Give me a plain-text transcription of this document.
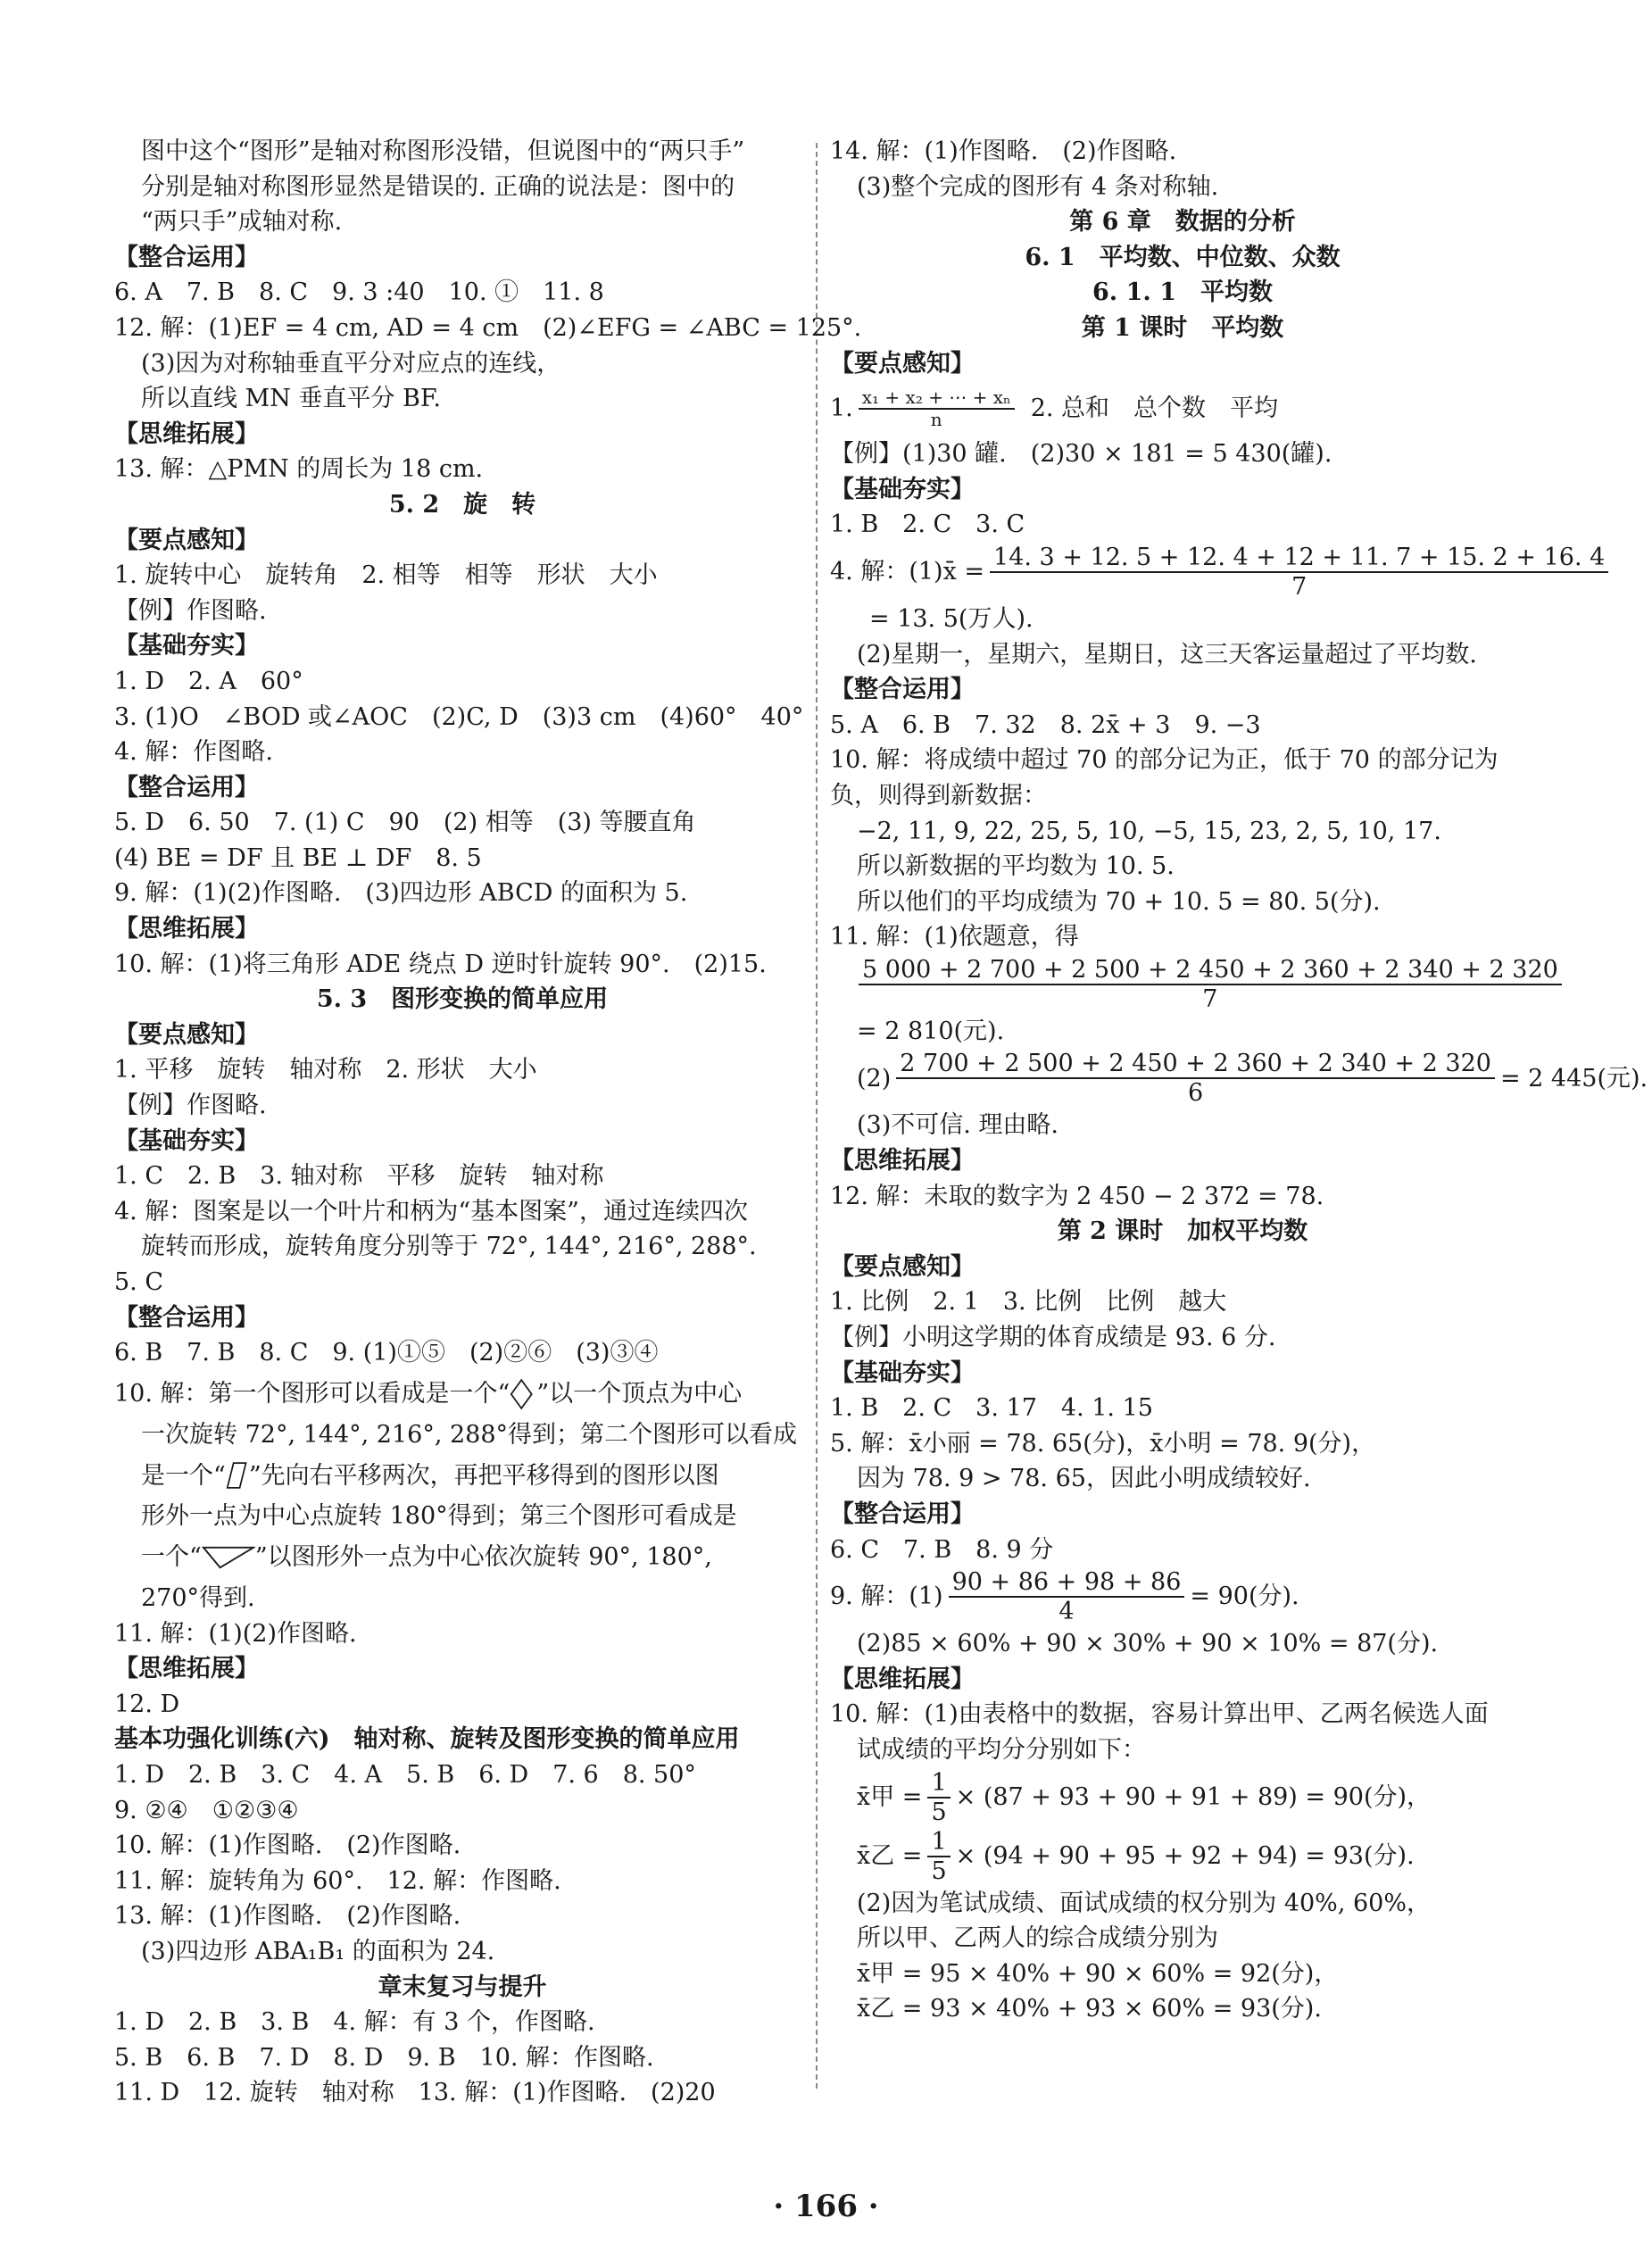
图中这个“图形”是轴对称图形没错，但说图中的“两只手”
分别是轴对称图形显然是错误的. 正确的说法是：图中的
“两只手”成轴对称.
【整合运用】
6. A　7. B　8. C　9. 3 :40　10. ①　11. 8
12. 解：(1)EF = 4 cm, AD = 4 cm　(2)∠EFG = ∠ABC = 125°.
(3)因为对称轴垂直平分对应点的连线，
所以直线 MN 垂直平分 BF.
【思维拓展】
13. 解：△PMN 的周长为 18 cm.
5. 2　旋　转
【要点感知】
1. 旋转中心　旋转角　2. 相等　相等　形状　大小
【例】作图略.
【基础夯实】
1. D　2. A　60°
3. (1)O　∠BOD 或∠AOC　(2)C, D　(3)3 cm　(4)60°　40°
4. 解：作图略.
【整合运用】
5. D　6. 50　7. (1) C　90　(2) 相等　(3) 等腰直角
(4) BE = DF 且 BE ⊥ DF　8. 5
9. 解：(1)(2)作图略.　(3)四边形 ABCD 的面积为 5.
【思维拓展】
10. 解：(1)将三角形 ADE 绕点 D 逆时针旋转 90°.　(2)15.
5. 3　图形变换的简单应用
【要点感知】
1. 平移　旋转　轴对称　2. 形状　大小
【例】作图略.
【基础夯实】
1. C　2. B　3. 轴对称　平移　旋转　轴对称
4. 解：图案是以一个叶片和柄为“基本图案”，通过连续四次
旋转而形成，旋转角度分别等于 72°, 144°, 216°, 288°.
5. C
【整合运用】
6. B　7. B　8. C　9. (1)①⑤　(2)②⑥　(3)③④
10. 解：第一个图形可以看成是一个“ ”以一个顶点为中心
一次旋转 72°, 144°, 216°, 288°得到；第二个图形可以看成
是一个“ ”先向右平移两次，再把平移得到的图形以图
形外一点为中心点旋转 180°得到；第三个图形可看成是
一个“ ”以图形外一点为中心依次旋转 90°, 180°,
270°得到.
11. 解：(1)(2)作图略.
【思维拓展】
12. D
基本功强化训练(六)　轴对称、旋转及图形变换的简单应用
1. D　2. B　3. C　4. A　5. B　6. D　7. 6　8. 50°
9. ②④　①②③④
10. 解：(1)作图略.　(2)作图略.
11. 解：旋转角为 60°.　12. 解：作图略.
13. 解：(1)作图略.　(2)作图略.
(3)四边形 ABA₁B₁ 的面积为 24.
章末复习与提升
1. D　2. B　3. B　4. 解：有 3 个，作图略.
5. B　6. B　7. D　8. D　9. B　10. 解：作图略.
11. D　12. 旋转　轴对称　13. 解：(1)作图略.　(2)20
14. 解：(1)作图略.　(2)作图略.
(3)整个完成的图形有 4 条对称轴.
第 6 章　数据的分析
6. 1　平均数、中位数、众数
6. 1. 1　平均数
第 1 课时　平均数
【要点感知】
1. $\frac{\text{x₁ + x₂ + ⋯ + xₙ}}{n} 2$. 总和　总个数　平均
【例】(1)30 罐.　(2)30 × 181 = 5 430(罐).
【基础夯实】
1. B　2. C　3. C
4. 解：(1)x̄ = $\frac{14. 3 + 12. 5 + 12. 4 + 12 + 11. 7 + 15. 2 + 16. 4}{7}$
= 13. 5(万人).
(2)星期一，星期六，星期日，这三天客运量超过了平均数.
【整合运用】
5. A　6. B　7. 32　8. 2x̄ + 3　9. −3
10. 解：将成绩中超过 70 的部分记为正，低于 70 的部分记为
负，则得到新数据：
−2, 11, 9, 22, 25, 5, 10, −5, 15, 23, 2, 5, 10, 17.
所以新数据的平均数为 10. 5.
所以他们的平均成绩为 70 + 10. 5 = 80. 5(分).
11. 解：(1)依题意，得
$\frac{5 000 + 2 700 + 2 500 + 2 450 + 2 360 + 2 340 + 2 320}{7}$
= 2 810(元).
$(2) \frac{2 700 + 2 500 + 2 450 + 2 360 + 2 340 + 2 320}{6} = 2$ 445(元).
(3)不可信. 理由略.
【思维拓展】
12. 解：未取的数字为 2 450 − 2 372 = 78.
第 2 课时　加权平均数
【要点感知】
1. 比例　2. 1　3. 比例　比例　越大
【例】小明这学期的体育成绩是 93. 6 分.
【基础夯实】
1. B　2. C　3. 17　4. 1. 15
5. 解：x̄小丽 = 78. 65(分)，x̄小明 = 78. 9(分)，
因为 78. 9 > 78. 65，因此小明成绩较好.
【整合运用】
6. C　7. B　8. 9 分
9. 解：$(1) \frac{90 + 86 + 98 + 86}{4} = 90$(分).
(2)85 × 60% + 90 × 30% + 90 × 10% = 87(分).
【思维拓展】
10. 解：(1)由表格中的数据，容易计算出甲、乙两名候选人面
试成绩的平均分分别如下：
x̄甲 = $\frac{1}{5} \times (87 + 93 + 90 + 91 + 89) = 90$(分)，
x̄乙 = $\frac{1}{5} \times (94 + 90 + 95 + 92 + 94) = 93$(分).
(2)因为笔试成绩、面试成绩的权分别为 40%, 60%，
所以甲、乙两人的综合成绩分别为
x̄甲 = 95 × 40% + 90 × 60% = 92(分)，
x̄乙 = 93 × 40% + 93 × 60% = 93(分).
· 166 ·
